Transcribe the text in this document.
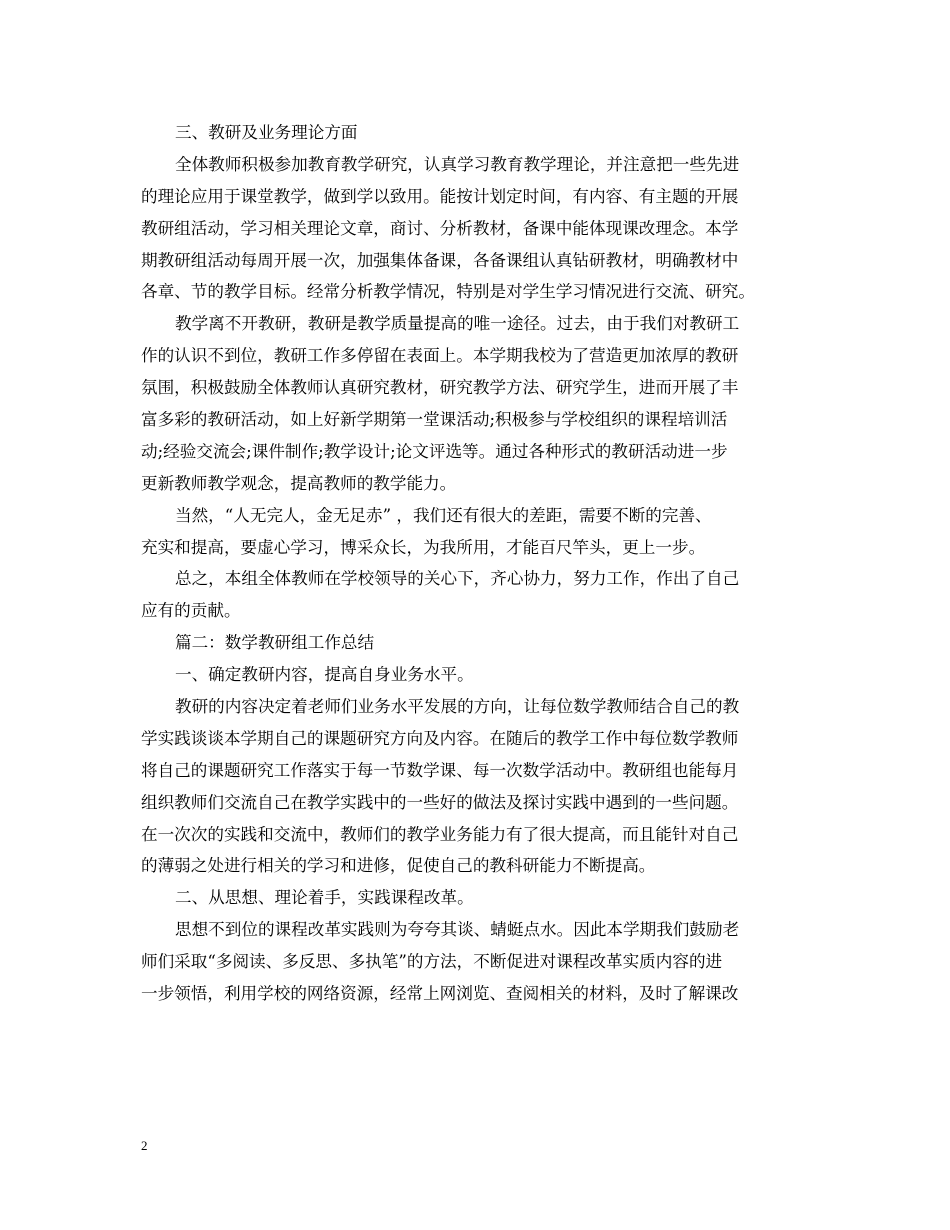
三、教研及业务理论方面
全体教师积极参加教育教学研究，认真学习教育教学理论，并注意把一些先进
的理论应用于课堂教学，做到学以致用。能按计划定时间，有内容、有主题的开展
教研组活动，学习相关理论文章，商讨、分析教材，备课中能体现课改理念。本学
期教研组活动每周开展一次，加强集体备课，各备课组认真钻研教材，明确教材中
各章、节的教学目标。经常分析教学情况，特别是对学生学习情况进行交流、研究。
教学离不开教研，教研是教学质量提高的唯一途径。过去，由于我们对教研工
作的认识不到位，教研工作多停留在表面上。本学期我校为了营造更加浓厚的教研
氛围，积极鼓励全体教师认真研究教材，研究教学方法、研究学生，进而开展了丰
富多彩的教研活动，如上好新学期第一堂课活动;积极参与学校组织的课程培训活
动;经验交流会;课件制作;教学设计;论文评选等。通过各种形式的教研活动进一步
更新教师教学观念，提高教师的教学能力。
当然，“人无完人，金无足赤” ，我们还有很大的差距，需要不断的完善、
充实和提高，要虚心学习，博采众长，为我所用，才能百尺竿头，更上一步。
总之，本组全体教师在学校领导的关心下，齐心协力，努力工作，作出了自己
应有的贡献。
篇二：数学教研组工作总结
一、确定教研内容，提高自身业务水平。
教研的内容决定着老师们业务水平发展的方向，让每位数学教师结合自己的教
学实践谈谈本学期自己的课题研究方向及内容。在随后的教学工作中每位数学教师
将自己的课题研究工作落实于每一节数学课、每一次数学活动中。教研组也能每月
组织教师们交流自己在教学实践中的一些好的做法及探讨实践中遇到的一些问题。
在一次次的实践和交流中，教师们的教学业务能力有了很大提高，而且能针对自己
的薄弱之处进行相关的学习和进修，促使自己的教科研能力不断提高。
二、从思想、理论着手，实践课程改革。
思想不到位的课程改革实践则为夸夸其谈、蜻蜓点水。因此本学期我们鼓励老
师们采取“多阅读、多反思、多执笔”的方法，不断促进对课程改革实质内容的进
一步领悟，利用学校的网络资源，经常上网浏览、查阅相关的材料，及时了解课改
2
